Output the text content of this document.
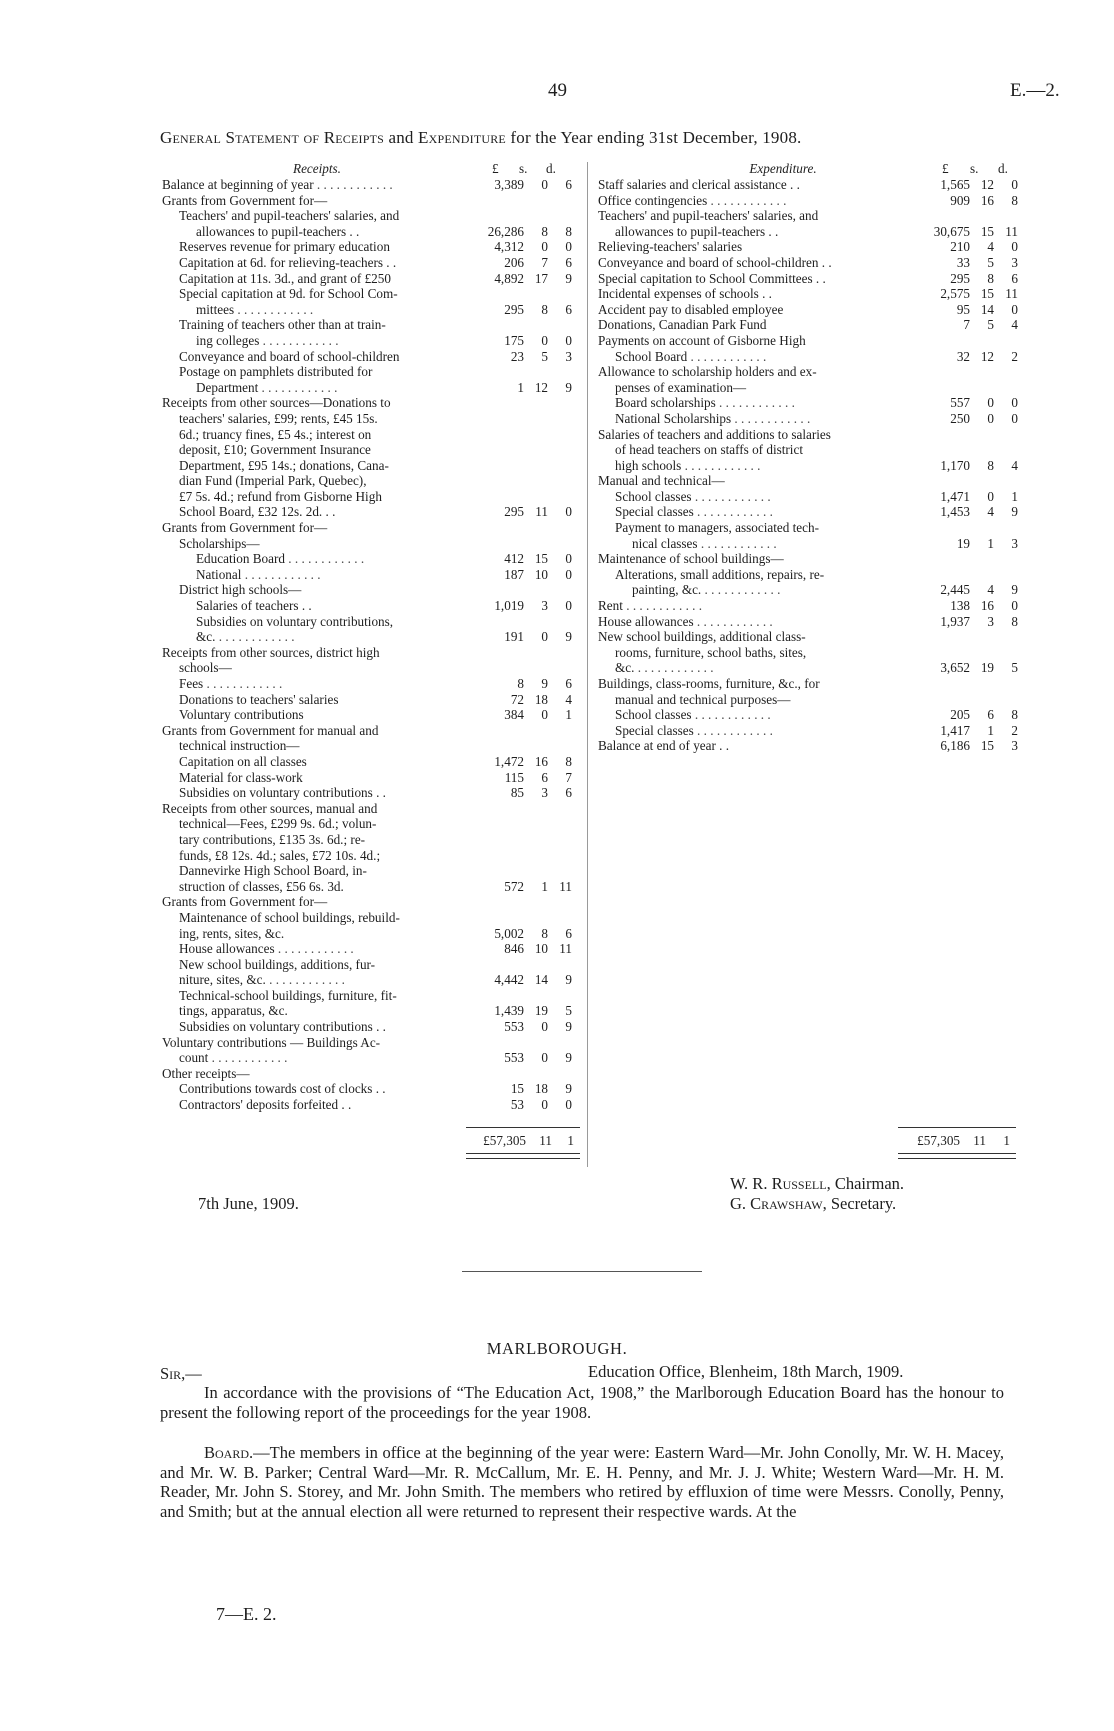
49	E.—2.
General Statement of Receipts and Expenditure for the Year ending 31st December, 1908.
Receipts.	£ s. d.
Balance at beginning of year . .	3,389	0	6
Grants from Government for—
Teachers' and pupil-teachers' salaries, and
allowances to pupil-teachers . .	26,286	8	8
Reserves revenue for primary education	4,312	0	0
Capitation at 6d. for relieving-teachers . .	206	7	6
Capitation at 11s. 3d., and grant of £250	4,892 17	9
Special capitation at 9d. for School Com-
mittees . .	295	8	6
Training of teachers other than at train-
ing colleges . .	175	0	0
Conveyance and board of school-children	23	5	3
Postage on pamphlets distributed for
Department . .	1 12	9
Receipts from other sources—Donations to
teachers' salaries, £99; rents, £45 15s.
6d.; truancy fines, £5 4s.; interest on
deposit, £10; Government Insurance
Department, £95 14s.; donations, Cana-
dian Fund (Imperial Park, Quebec),
£7 5s. 4d.; refund from Gisborne High
School Board, £32 12s. 2d. . .	295 11	0
Grants from Government for—
Scholarships—
Education Board . .	412 15	0
National . .	187 10	0
District high schools—
Salaries of teachers . .	1,019	3	0
Subsidies on voluntary contributions,
&c. . .	191	0	9
Receipts from other sources, district high
schools—
Fees . .	8	9	6
Donations to teachers' salaries	72 18	4
Voluntary contributions	384	0	1
Grants from Government for manual and
technical instruction—
Capitation on all classes	1,472 16	8
Material for class-work	115	6	7
Subsidies on voluntary contributions . .	85	3	6
Receipts from other sources, manual and
technical—Fees, £299 9s. 6d.; volun-
tary contributions, £135 3s. 6d.; re-
funds, £8 12s. 4d.; sales, £72 10s. 4d.;
Dannevirke High School Board, in-
struction of classes, £56 6s. 3d.	572	1 11
Grants from Government for—
Maintenance of school buildings, rebuild-
ing, rents, sites, &c.	5,002	8	6
House allowances . .	846 10 11
New school buildings, additions, fur-
niture, sites, &c. . .	4,442 14	9
Technical-school buildings, furniture, fit-
tings, apparatus, &c.	1,439 19	5
Subsidies on voluntary contributions . .	553	0	9
Voluntary contributions — Buildings Ac-
count . .	553	0	9
Other receipts—
Contributions towards cost of clocks . .	15 18	9
Contractors' deposits forfeited . .	53	0	0
Expenditure.	£ s. d.
Staff salaries and clerical assistance . .	1,565 12	0
Office contingencies . .	909 16	8
Teachers' and pupil-teachers' salaries, and
allowances to pupil-teachers . .	30,675 15 11
Relieving-teachers' salaries	210	4	0
Conveyance and board of school-children . .	33	5	3
Special capitation to School Committees . .	295	8	6
Incidental expenses of schools . .	2,575 15 11
Accident pay to disabled employee	95 14	0
Donations, Canadian Park Fund	7	5	4
Payments on account of Gisborne High
School Board . .	32 12	2
Allowance to scholarship holders and ex-
penses of examination—
Board scholarships . .	557	0	0
National Scholarships . .	250	0	0
Salaries of teachers and additions to salaries
of head teachers on staffs of district
high schools . .	1,170	8	4
Manual and technical—
School classes . .	1,471	0	1
Special classes . .	1,453	4	9
Payment to managers, associated tech-
nical classes . .	19	1	3
Maintenance of school buildings—
Alterations, small additions, repairs, re-
painting, &c. . .	2,445	4	9
Rent . .	138 16	0
House allowances . .	1,937	3	8
New school buildings, additional class-
rooms, furniture, school baths, sites,
&c. . .	3,652 19	5
Buildings, class-rooms, furniture, &c., for
manual and technical purposes—
School classes . .	205	6	8
Special classes . .	1,417	1	2
Balance at end of year . .	6,186 15	3
£57,305	11	1	£57,305	11	1
7th June, 1909.
W. R. Russell, Chairman.
G. Crawshaw, Secretary.
MARLBOROUGH.
Sir,—	Education Office, Blenheim, 18th March, 1909.
In accordance with the provisions of “The Education Act, 1908,” the Marlborough Education Board has the honour to present the following report of the proceedings for the year 1908.
Board.—The members in office at the beginning of the year were: Eastern Ward—Mr. John Conolly, Mr. W. H. Macey, and Mr. W. B. Parker; Central Ward—Mr. R. McCallum, Mr. E. H. Penny, and Mr. J. J. White; Western Ward—Mr. H. M. Reader, Mr. John S. Storey, and Mr. John Smith. The members who retired by effluxion of time were Messrs. Conolly, Penny, and Smith; but at the annual election all were returned to represent their respective wards. At the
7—E. 2.
